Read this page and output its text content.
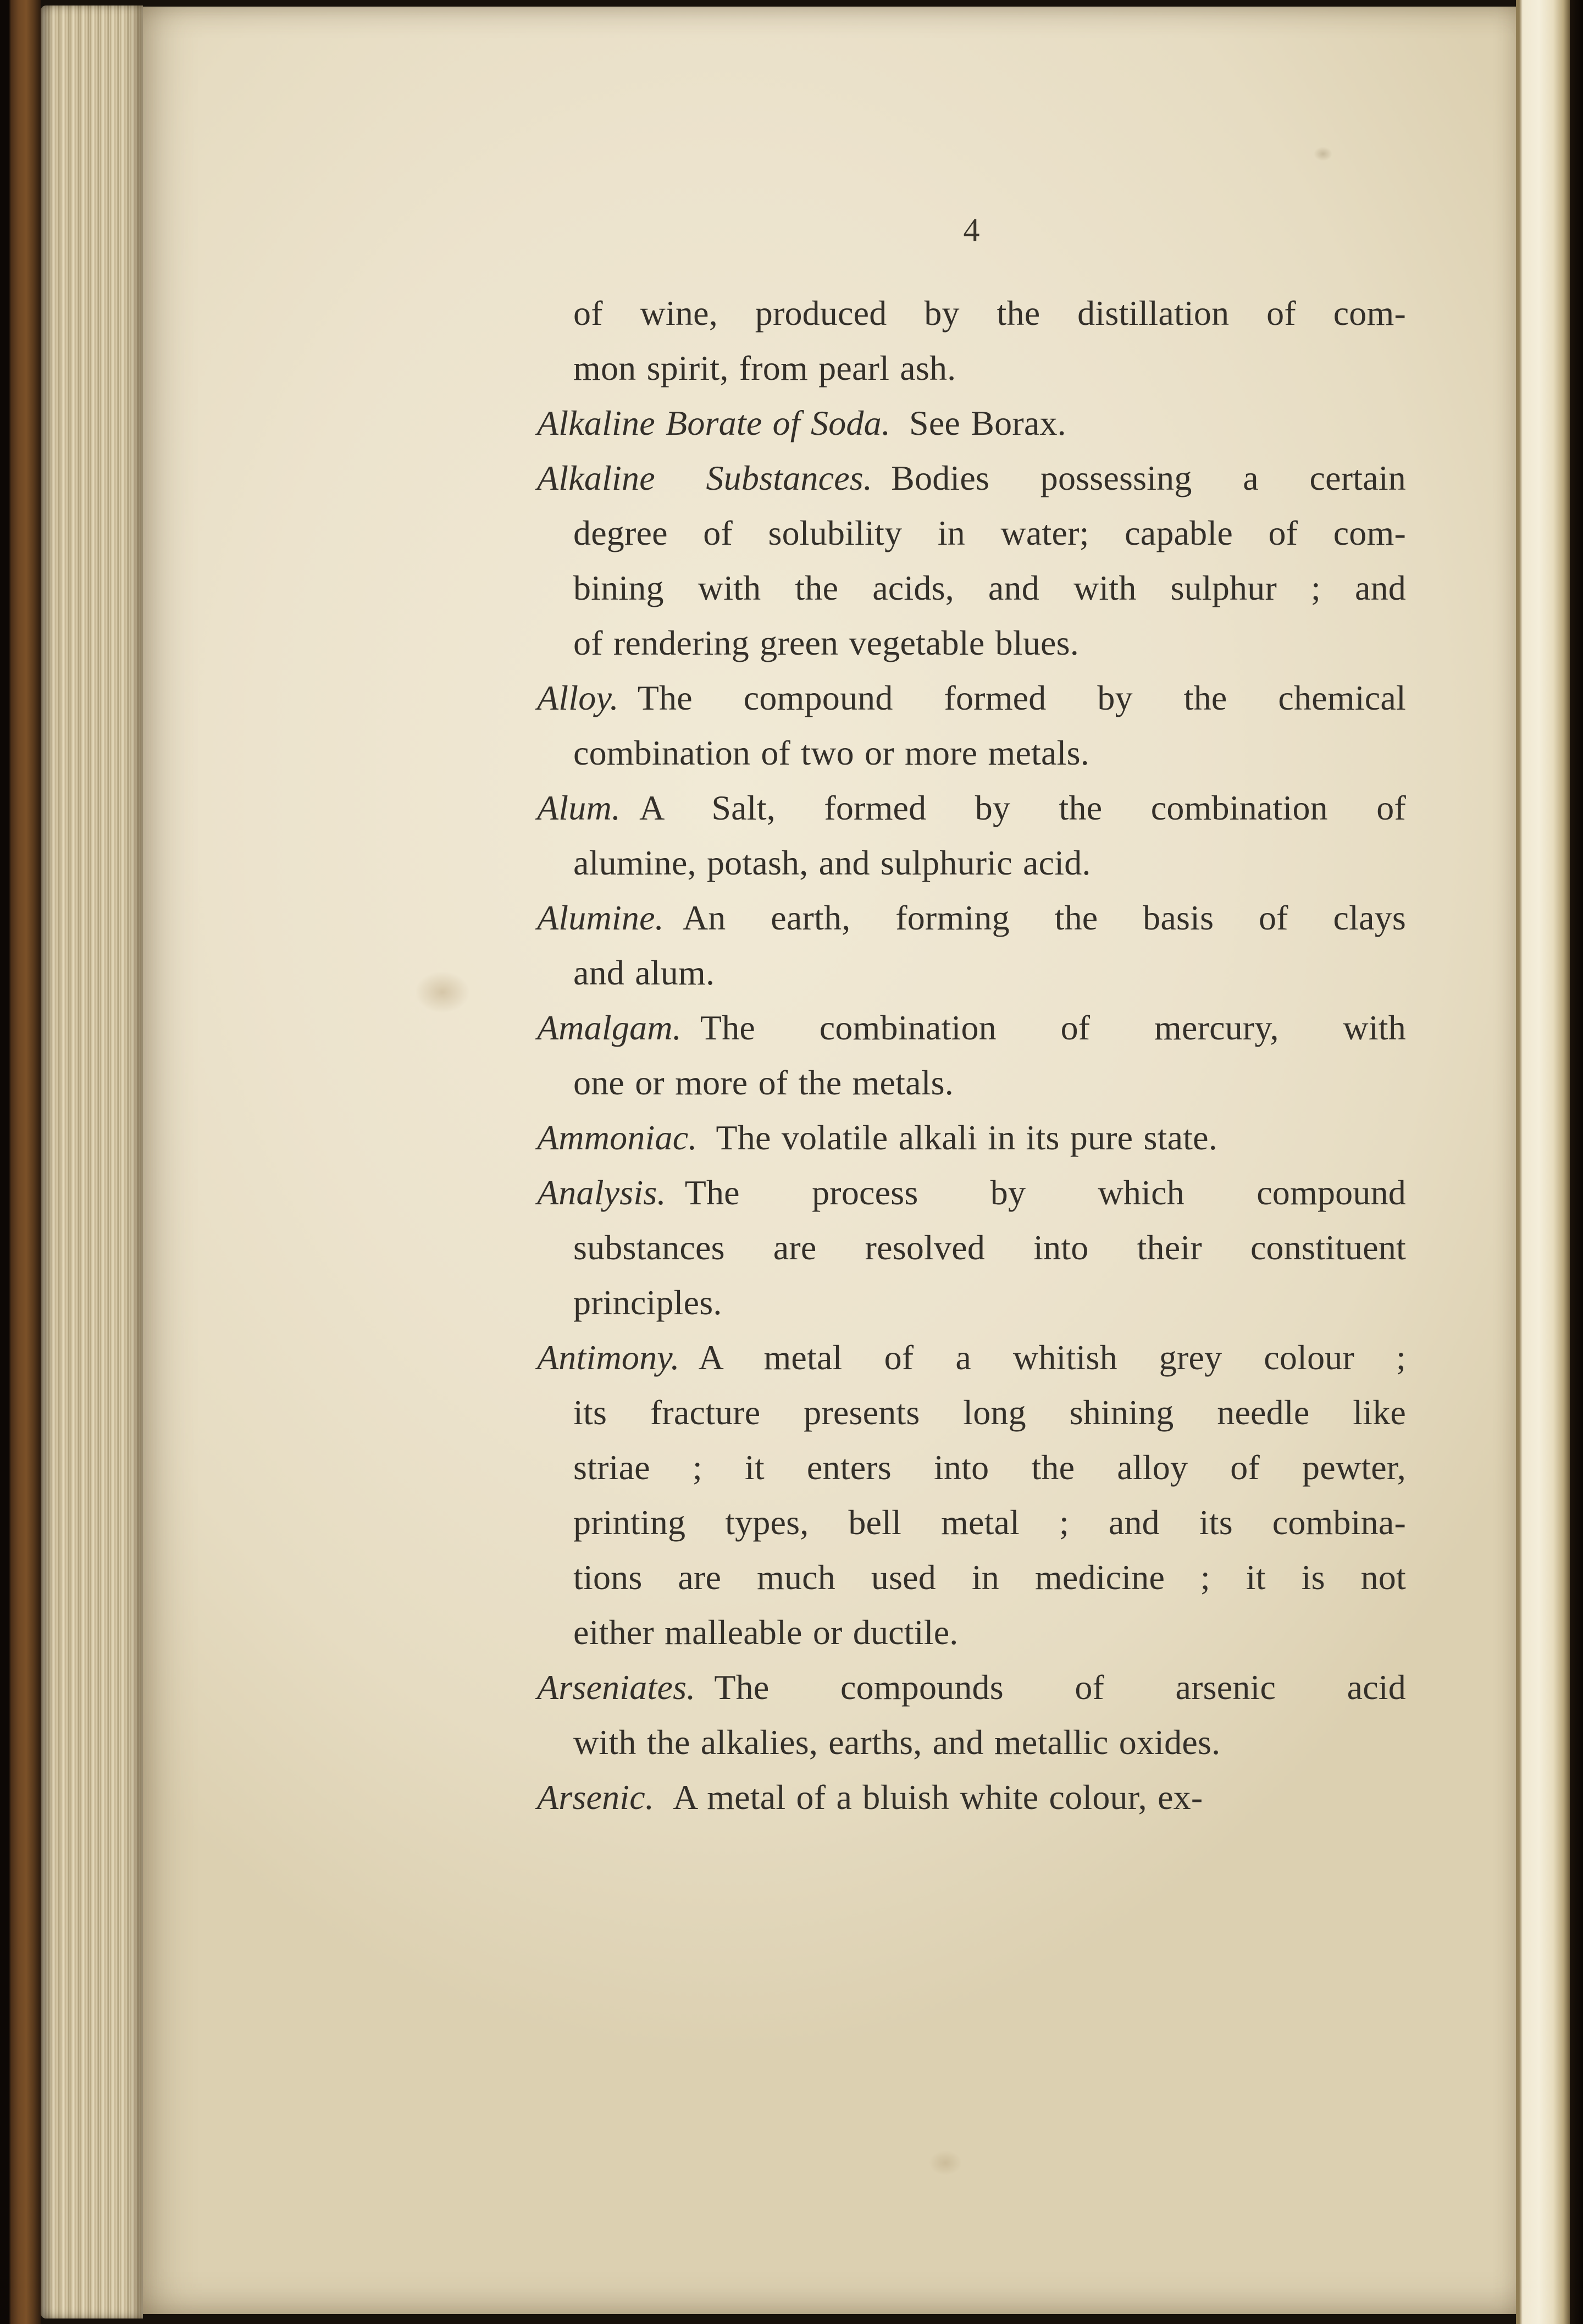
4
of wine, produced by the distillation of com-
mon spirit, from pearl ash.
Alkaline Borate of Soda. See Borax.
Alkaline Substances. Bodies possessing a certain
degree of solubility in water; capable of com-
bining with the acids, and with sulphur ; and
of rendering green vegetable blues.
Alloy. The compound formed by the chemical
combination of two or more metals.
Alum. A Salt, formed by the combination of
alumine, potash, and sulphuric acid.
Alumine. An earth, forming the basis of clays
and alum.
Amalgam. The combination of mercury, with
one or more of the metals.
Ammoniac. The volatile alkali in its pure state.
Analysis. The process by which compound
substances are resolved into their constituent
principles.
Antimony. A metal of a whitish grey colour ;
its fracture presents long shining needle like
striae ; it enters into the alloy of pewter,
printing types, bell metal ; and its combina-
tions are much used in medicine ; it is not
either malleable or ductile.
Arseniates. The compounds of arsenic acid
with the alkalies, earths, and metallic oxides.
Arsenic. A metal of a bluish white colour, ex-
